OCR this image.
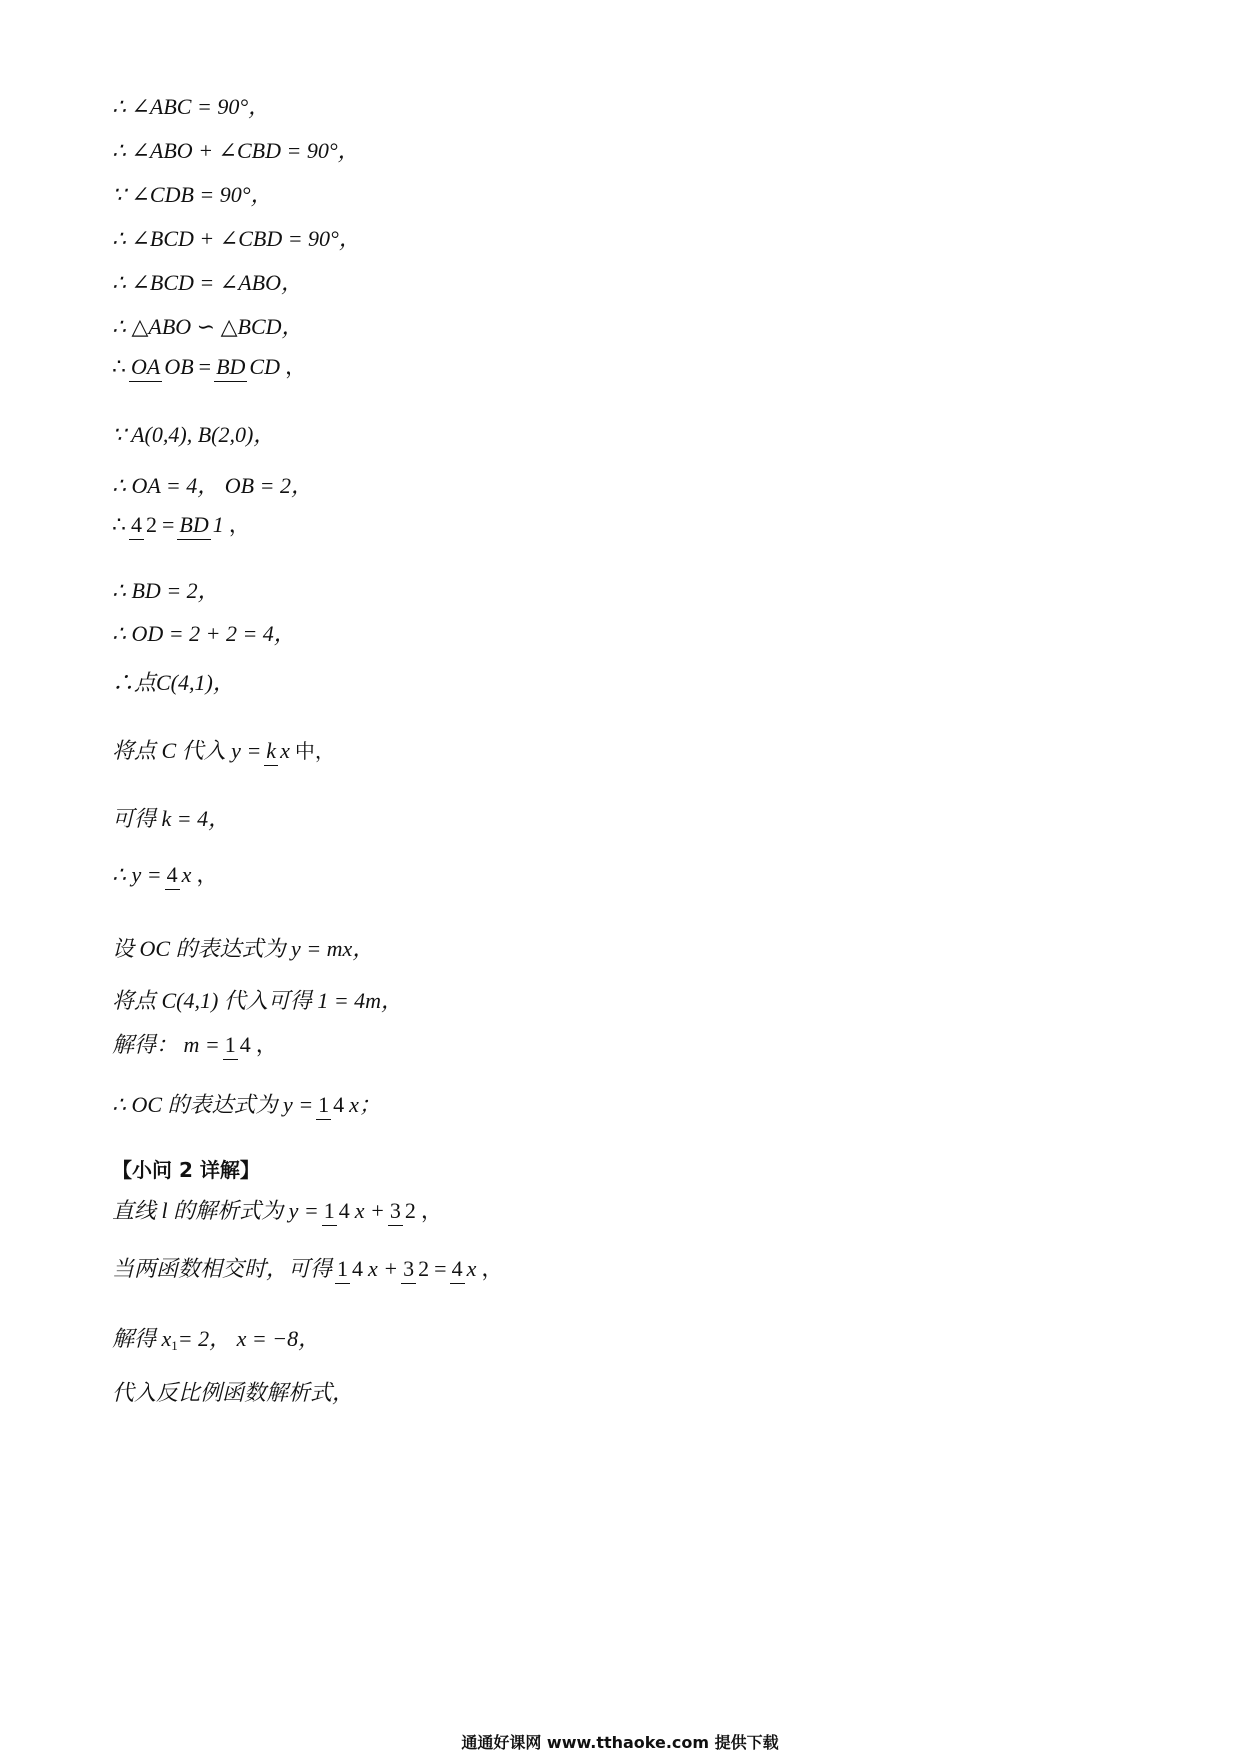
∴ ∠ABC = 90°，
∴ ∠ABO + ∠CBD = 90°，
∵ ∠CDB = 90°，
∴ ∠BCD + ∠CBD = 90°，
∴ ∠BCD = ∠ABO，
∴ △ABO ∽ △BCD，
∴ OA OB = BD CD ，
∵ A(0,4), B(2,0)，
∴ OA = 4， OB = 2，
∴ 4 2 = BD 1 ，
∴ BD = 2，
∴ OD = 2 + 2 = 4，
∴点C(4,1)，
将点 C 代入 y = k x 中，
可得 k = 4，
∴ y = 4 x ，
设 OC 的表达式为 y = mx，
将点 C(4,1) 代入可得 1 = 4m，
解得： m = 1 4 ，
∴ OC 的表达式为 y = 1 4 x；
【小问 2 详解】
直线 l 的解析式为 y = 1 4 x + 3 2 ，
当两函数相交时，可得 1 4 x + 3 2 = 4 x ，
解得 x 1 = 2， x = −8，
代入反比例函数解析式，
通通好课网 www.tthaoke.com 提供下载
